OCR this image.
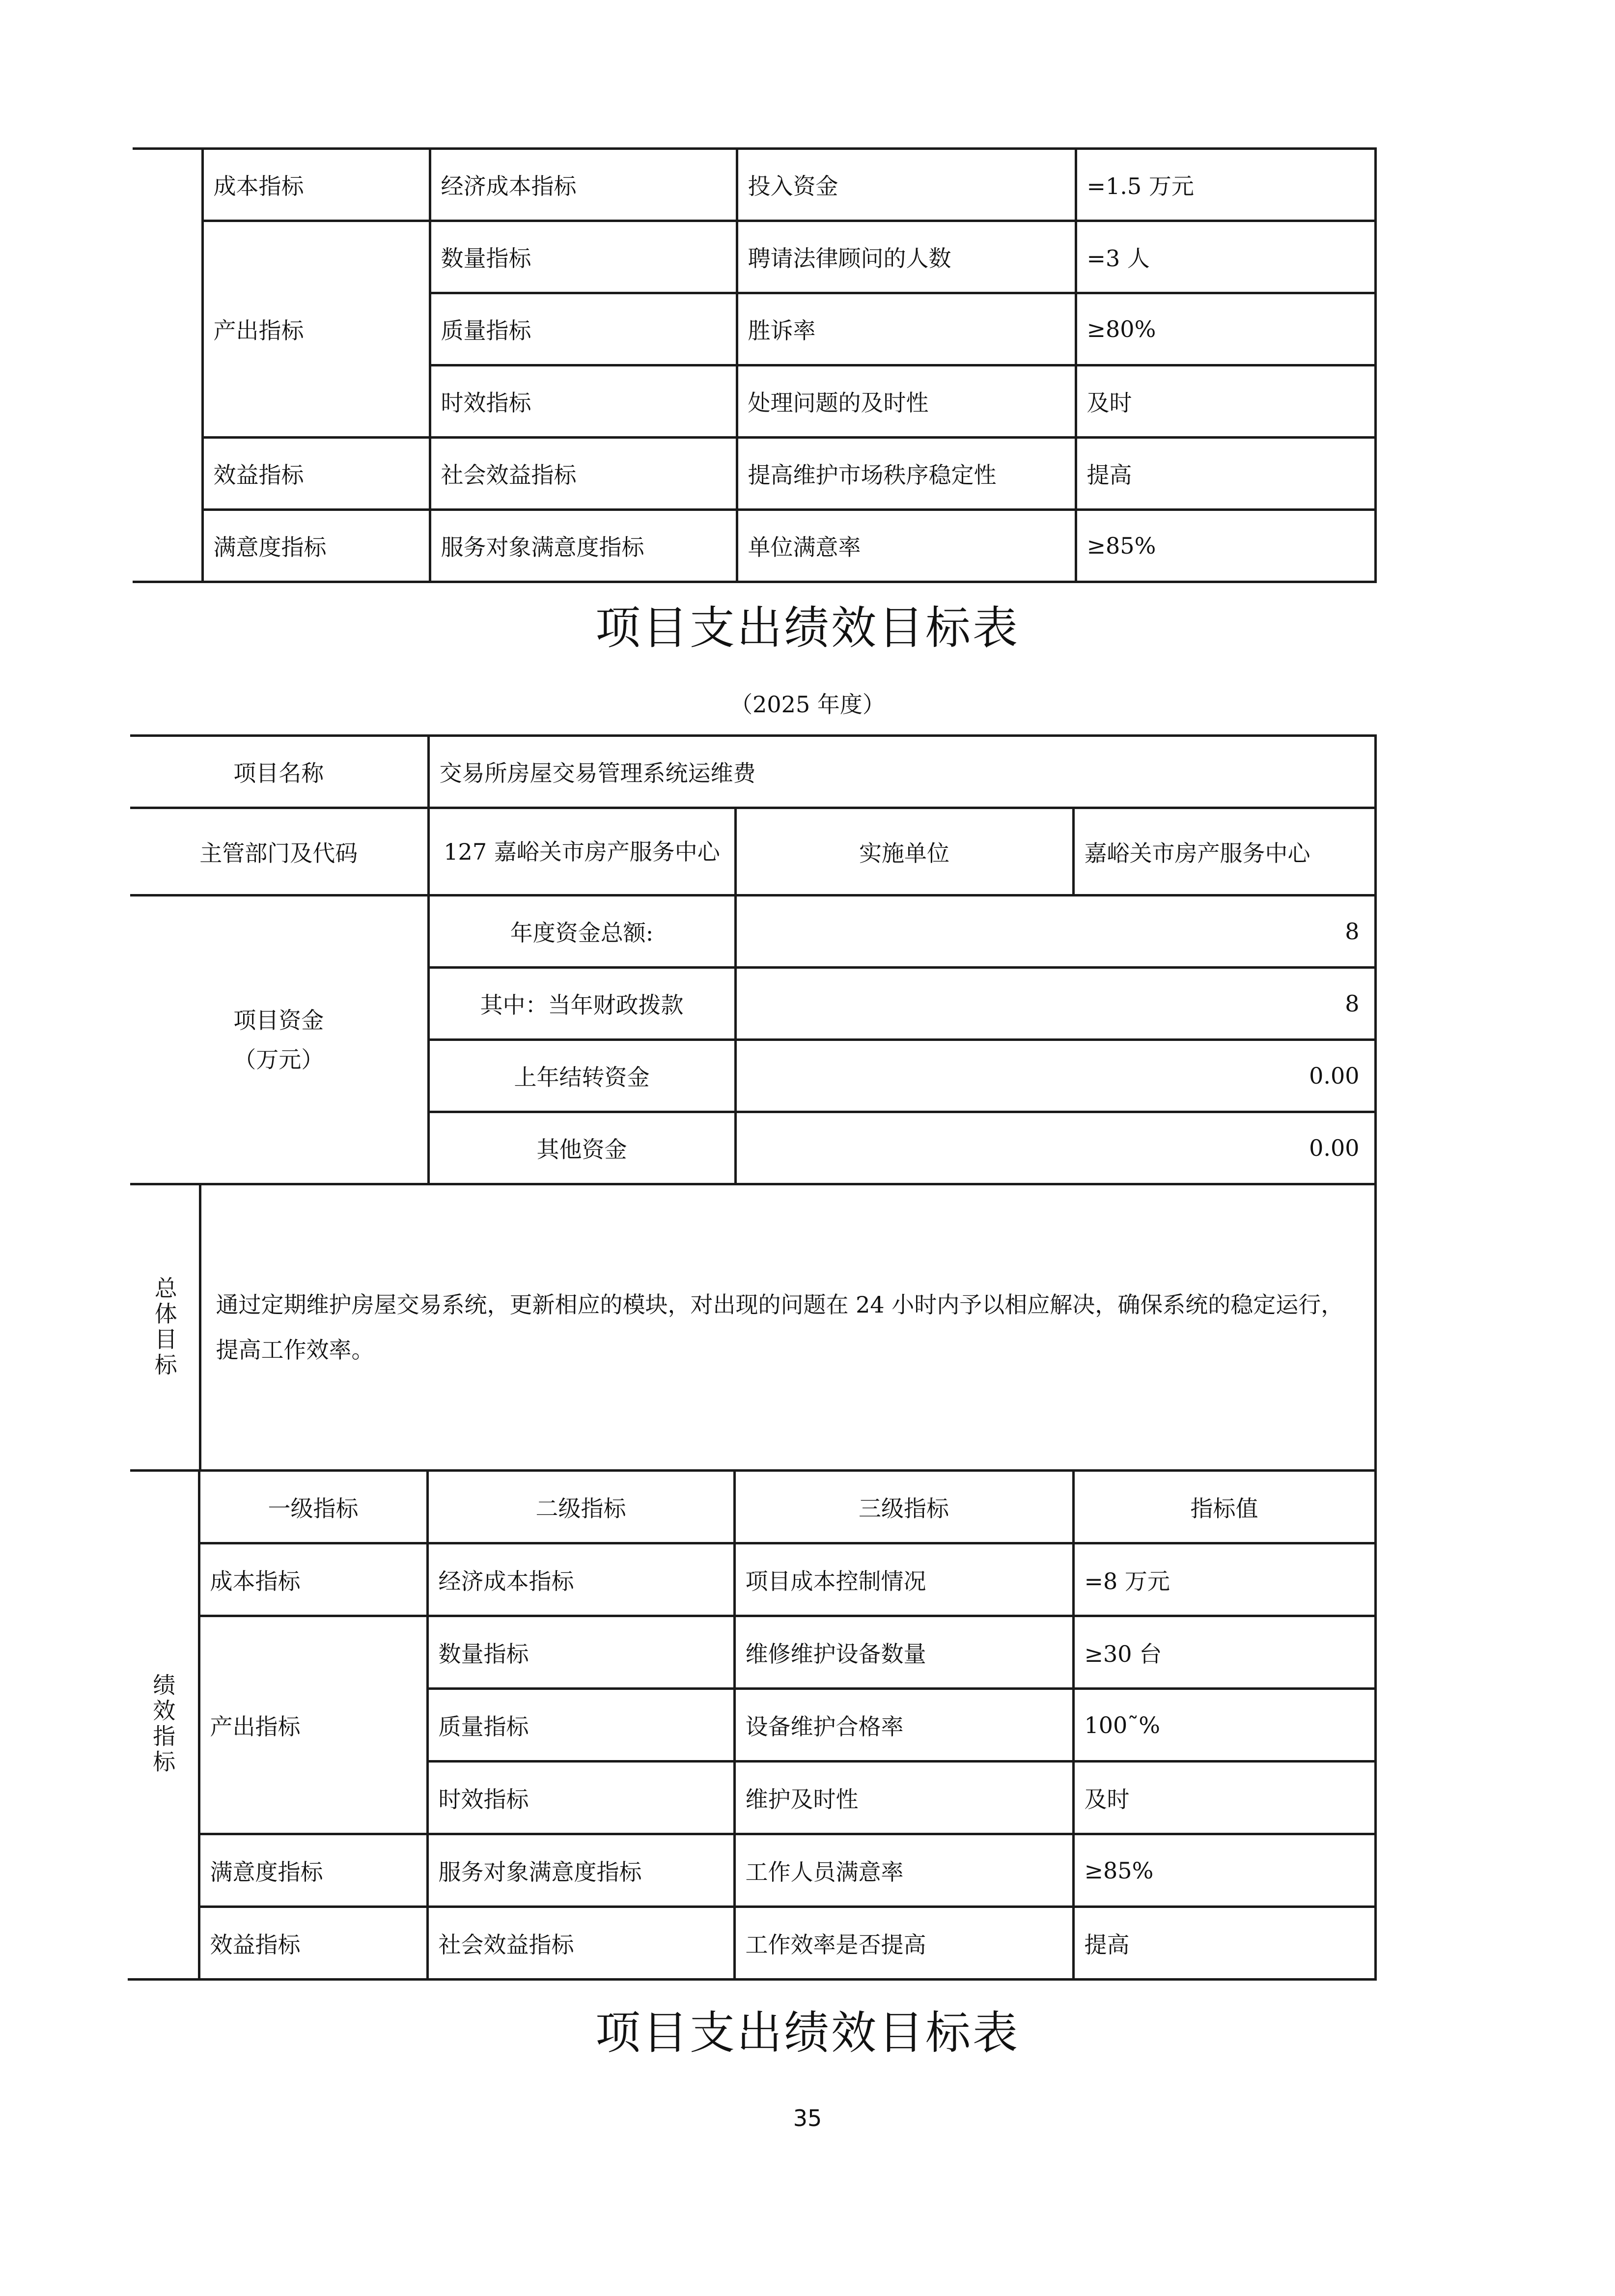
	成本指标	经济成本指标	投入资金	=1.5 万元
	产出指标	数量指标	聘请法律顾问的人数	=3 人
		质量指标	胜诉率	≥80%
		时效指标	处理问题的及时性	及时
	效益指标	社会效益指标	提高维护市场秩序稳定性	提高
	满意度指标	服务对象满意度指标	单位满意率	≥85%
项目支出绩效目标表
（2025 年度）
项目名称		交易所房屋交易管理系统运维费		
主管部门及代码		127 嘉峪关市房产服务中心	实施单位	嘉峪关市房产服务中心

项目资金
（万元）		年度资金总额:	8	
		其中：当年财政拨款	8	
		上年结转资金	0.00	
		其他资金	0.00	

总体目标	通过定期维护房屋交易系统，更新相应的模块，对出现的问题在 24 小时内予以相应解决，确保系统的稳定运行，提高工作效率。			
绩效指标	一级指标	二级指标	三级指标	指标值
	成本指标	经济成本指标	项目成本控制情况	=8 万元
	产出指标	数量指标	维修维护设备数量	≥30 台
		质量指标	设备维护合格率	100˜%
		时效指标	维护及时性	及时
	满意度指标	服务对象满意度指标	工作人员满意率	≥85%
	效益指标	社会效益指标	工作效率是否提高	提高
项目支出绩效目标表
35
